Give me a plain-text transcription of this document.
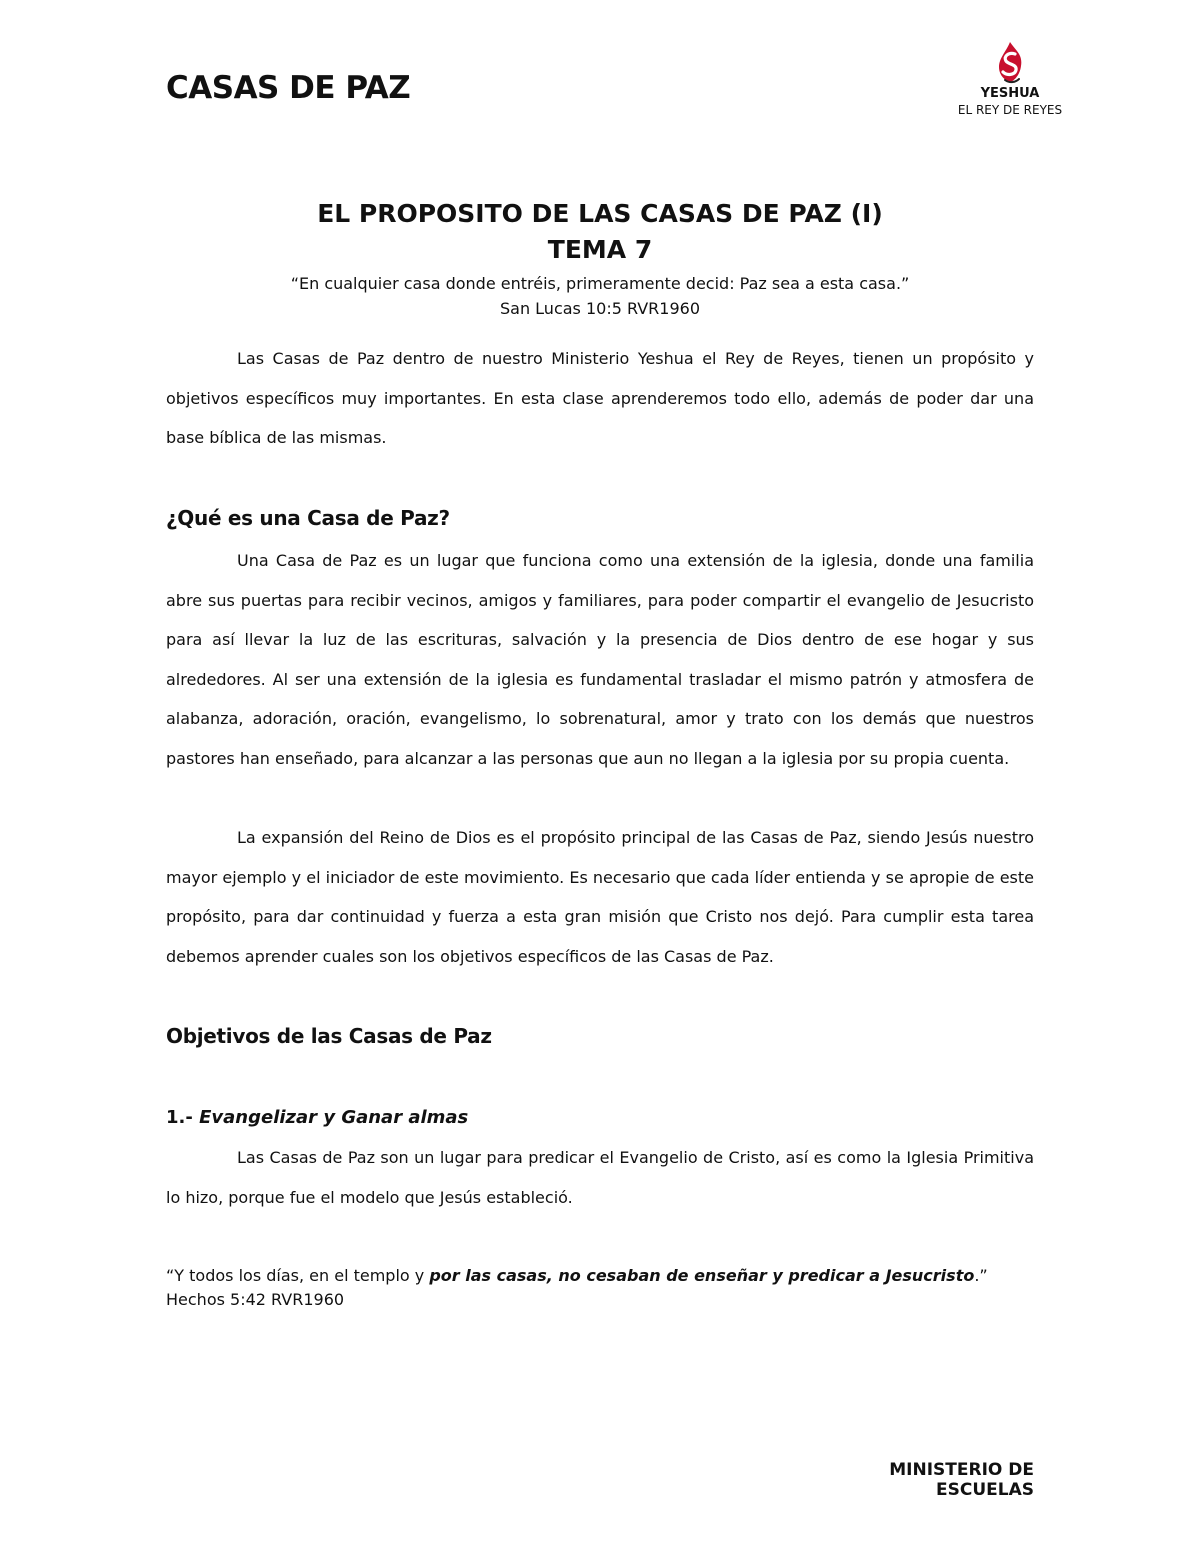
CASAS DE PAZ	YESHUA
EL REY DE REYES
EL PROPOSITO DE LAS CASAS DE PAZ (I)
TEMA 7
“En cualquier casa donde entréis, primeramente decid: Paz sea a esta casa.”
San Lucas 10:5 RVR1960

Las Casas de Paz dentro de nuestro Ministerio Yeshua el Rey de Reyes, tienen un propósito y objetivos específicos muy importantes. En esta clase aprenderemos todo ello, además de poder dar una base bíblica de las mismas.

¿Qué es una Casa de Paz?

Una Casa de Paz es un lugar que funciona como una extensión de la iglesia, donde una familia abre sus puertas para recibir vecinos, amigos y familiares, para poder compartir el evangelio de Jesucristo para así llevar la luz de las escrituras, salvación y la presencia de Dios dentro de ese hogar y sus alrededores. Al ser una extensión de la iglesia es fundamental trasladar el mismo patrón y atmosfera de alabanza, adoración, oración, evangelismo, lo sobrenatural, amor y trato con los demás que nuestros pastores han enseñado, para alcanzar a las personas que aun no llegan a la iglesia por su propia cuenta.

La expansión del Reino de Dios es el propósito principal de las Casas de Paz, siendo Jesús nuestro mayor ejemplo y el iniciador de este movimiento. Es necesario que cada líder entienda y se apropie de este propósito, para dar continuidad y fuerza a esta gran misión que Cristo nos dejó. Para cumplir esta tarea debemos aprender cuales son los objetivos específicos de las Casas de Paz.

Objetivos de las Casas de Paz
1.- Evangelizar y Ganar almas

Las Casas de Paz son un lugar para predicar el Evangelio de Cristo, así es como la Iglesia Primitiva lo hizo, porque fue el modelo que Jesús estableció.

“Y todos los días, en el templo y por las casas, no cesaban de enseñar y predicar a Jesucristo.”
Hechos 5:42 RVR1960
MINISTERIO DE ESCUELAS
